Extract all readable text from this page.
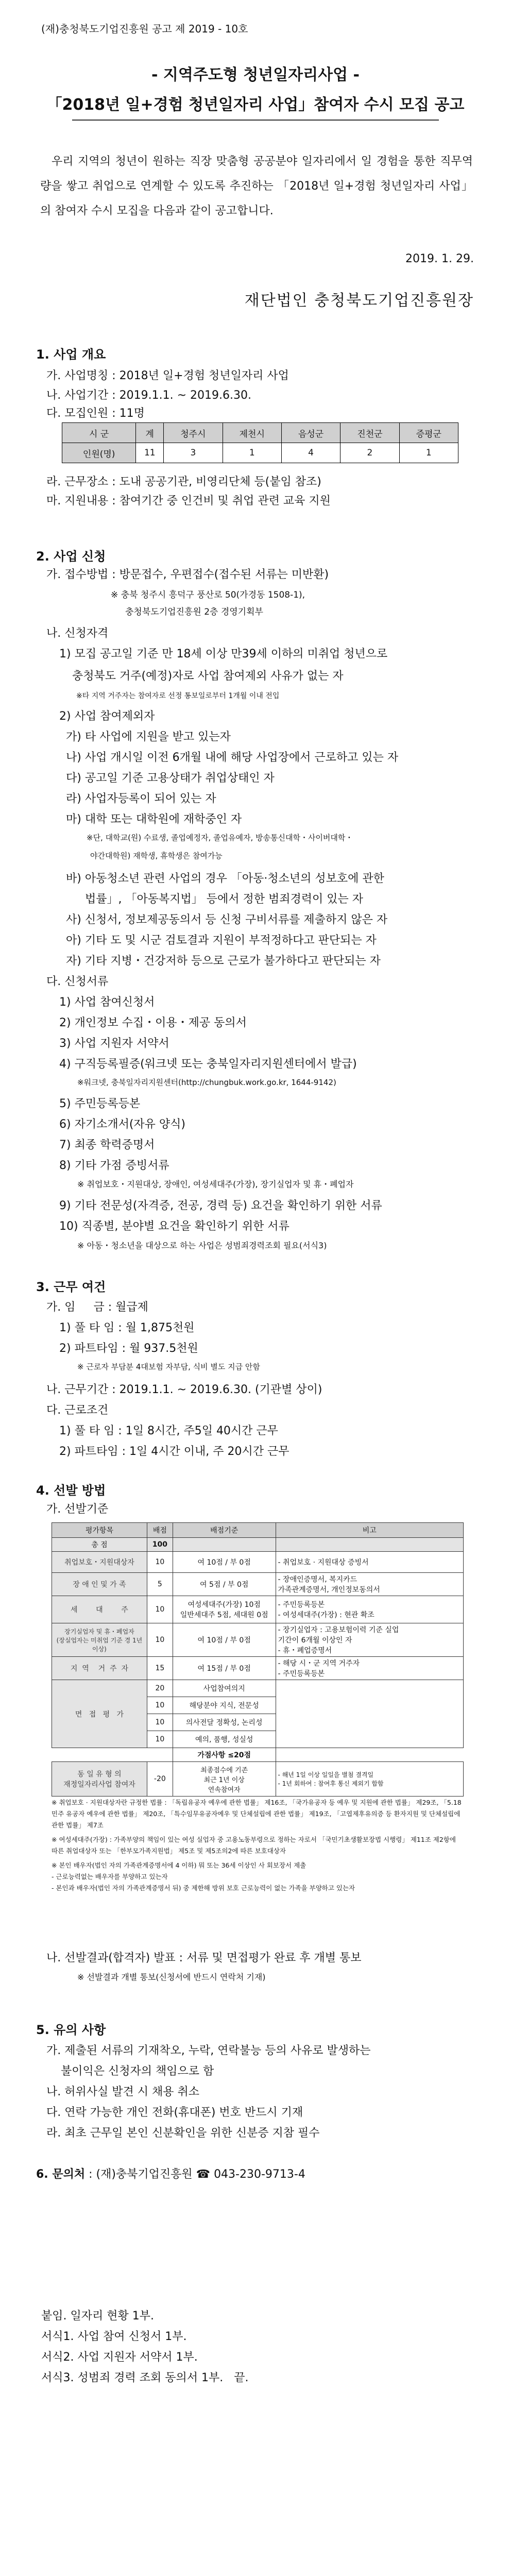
(재)충청북도기업진흥원 공고 제 2019 - 10호
- 지역주도형 청년일자리사업 -
「2018년 일+경험 청년일자리 사업」참여자 수시 모집 공고
우리 지역의 청년이 원하는 직장 맞춤형 공공분야 일자리에서 일 경험을 통한 직무역량을 쌓고 취업으로 연계할 수 있도록 추진하는 「2018년 일+경험 청년일자리 사업」의 참여자 수시 모집을 다음과 같이 공고합니다.
2019. 1. 29.
재단법인 충청북도기업진흥원장
1. 사업 개요
가. 사업명칭 : 2018년 일+경험 청년일자리 사업
나. 사업기간 : 2019.1.1. ~ 2019.6.30.
다. 모집인원 : 11명
시 군	계	청주시	제천시	음성군	진천군	증평군
인원(명)	11	3	1	4	2	1
라. 근무장소 : 도내 공공기관, 비영리단체 등(붙임 참조)
마. 지원내용 : 참여기간 중 인건비 및 취업 관련 교육 지원
2. 사업 신청
가. 접수방법 : 방문접수, 우편접수(접수된 서류는 미반환)
※ 충북 청주시 흥덕구 풍산로 50(가경동 1508-1),
충청북도기업진흥원 2층 경영기획부
나. 신청자격
1) 모집 공고일 기준 만 18세 이상 만39세 이하의 미취업 청년으로
충청북도 거주(예정)자로 사업 참여제외 사유가 없는 자
※타 지역 거주자는 참여자로 선정 통보일로부터 1개월 이내 전입
2) 사업 참여제외자
가) 타 사업에 지원을 받고 있는자
나) 사업 개시일 이전 6개월 내에 해당 사업장에서 근로하고 있는 자
다) 공고일 기준 고용상태가 취업상태인 자
라) 사업자등록이 되어 있는 자
마) 대학 또는 대학원에 재학중인 자
※단, 대학교(원) 수료생, 졸업예정자, 졸업유예자, 방송통신대학・사이버대학・
야간대학원) 재학생, 휴학생은 참여가능
바) 아동청소년 관련 사업의 경우 「아동·청소년의 성보호에 관한
법률」, 「아동복지법」 등에서 정한 범죄경력이 있는 자
사) 신청서, 정보제공동의서 등 신청 구비서류를 제출하지 않은 자
아) 기타 도 및 시군 검토결과 지원이 부적정하다고 판단되는 자
자) 기타 지병・건강저하 등으로 근로가 불가하다고 판단되는 자
다. 신청서류
1) 사업 참여신청서
2) 개인정보 수집・이용・제공 동의서
3) 사업 지원자 서약서
4) 구직등록필증(워크넷 또는 충북일자리지원센터에서 발급)
※워크넷, 충북일자리지원센터(http://chungbuk.work.go.kr, 1644-9142)
5) 주민등록등본
6) 자기소개서(자유 양식)
7) 최종 학력증명서
8) 기타 가점 증빙서류
※ 취업보호・지원대상, 장애인, 여성세대주(가장), 장기실업자 및 휴・폐업자
9) 기타 전문성(자격증, 전공, 경력 등) 요건을 확인하기 위한 서류
10) 직종별, 분야별 요건을 확인하기 위한 서류
※ 아동・청소년을 대상으로 하는 사업은 성범죄경력조회 필요(서식3)
3. 근무 여건
가. 임     금 : 월급제
1) 풀 타 임 : 월 1,875천원
2) 파트타임 : 월 937.5천원
※ 근로자 부담분 4대보험 자부담, 식비 별도 지급 안함
나. 근무기간 : 2019.1.1. ~ 2019.6.30. (기관별 상이)
다. 근로조건
1) 풀 타 임 : 1일 8시간, 주5일 40시간 근무
2) 파트타임 : 1일 4시간 이내, 주 20시간 근무
4. 선발 방법
가. 선발기준
평가항목	배점	배점기준	비고
총 점	100		
취업보호・지원대상자	10	여 10점 / 부 0점	- 취업보호 · 지원대상 증빙서
장 애 인 및 가 족	5	여 5점 / 부 0점	- 장애인증명서, 복지카드
가족관계증명서, 개인정보동의서
세        대        주	10	여성세대주(가장) 10점
일반세대주 5점, 세대원 0점	- 주민등록등본
- 여성세대주(가장) : 현관 확조
장기실업자 및 휴・폐업자
(장실업자는 미취업 기준 경 1년이상)	10	여 10점 / 부 0점	- 장기실업자 : 고용보험이력 기준 실업
기간이 6개월 이상인 자
- 휴・폐업증명서
지  역    거  주  자	15	여 15점 / 부 0점	- 해당 시・군 지역 거주자
- 주민등록등본
면   접   평   가	20	사업참여의지	
	10	해당분야 지식, 전문성	
	10	의사전달 정확성, 논리성	
	10	예의, 품행, 성실성	
		가점사항 ≤20점	
동 일 유 형 의
재정일자리사업 참여자	-20	최종점수에 기존
최근 1년 이상
연속참여자	- 해년 1일 이상 일일을 별첨 결격일
- 1년 회하여 : 참여후 통신 제외기 합함
※ 취업보호 · 지원대상자란 규정한 법률 : 「독립유공자 예우에 관한 법률」 제16조, 「국가유공자 등 예우 및 지원에 관한 법률」 제29조, 「5.18 민주 유공자 예우에 관한 법률」 제20조, 「특수임무유공자예우 및 단체설립에 관한 법률」 제19조, 「고엽제후유의증 등 환자지원 및 단체설립에 관한 법률」 제7조
※ 여성세대주(가장) : 가족부양의 책임이 있는 여성 실업자 중 고용노동부령으로 정하는 자로서 「국민기초생활보장법 시행령」 제11조 제2항에 따른 취업대상자 또는 「한부모가족지원법」 제5조 및 제5조의2에 따른 보호대상자
※ 본인 배우자(법인 자의 가족관계증명서에 4 이하) 뭐 또는 36세 이상인 사 회보장서 제출
- 근로능력없는 배우자를 부양하고 있는자
- 본인과 배우자(법인 자의 가족관계증명서 뒤) 중 제한해 방위 보호 근로능력이 없는 가족을 부양하고 있는자
나. 선발결과(합격자) 발표 : 서류 및 면접평가 완료 후 개별 통보
※ 선발결과 개별 통보(신청서에 반드시 연락처 기재)
5. 유의 사항
가. 제출된 서류의 기재착오, 누락, 연락불능 등의 사유로 발생하는
불이익은 신청자의 책임으로 함
나. 허위사실 발견 시 채용 취소
다. 연락 가능한 개인 전화(휴대폰) 번호 반드시 기재
라. 최초 근무일 본인 신분확인을 위한 신분증 지참 필수
6. 문의처 : (재)충북기업진흥원 ☎ 043-230-9713-4
붙임. 일자리 현황 1부.
서식1. 사업 참여 신청서 1부.
서식2. 사업 지원자 서약서 1부.
서식3. 성범죄 경력 조회 동의서 1부.   끝.
